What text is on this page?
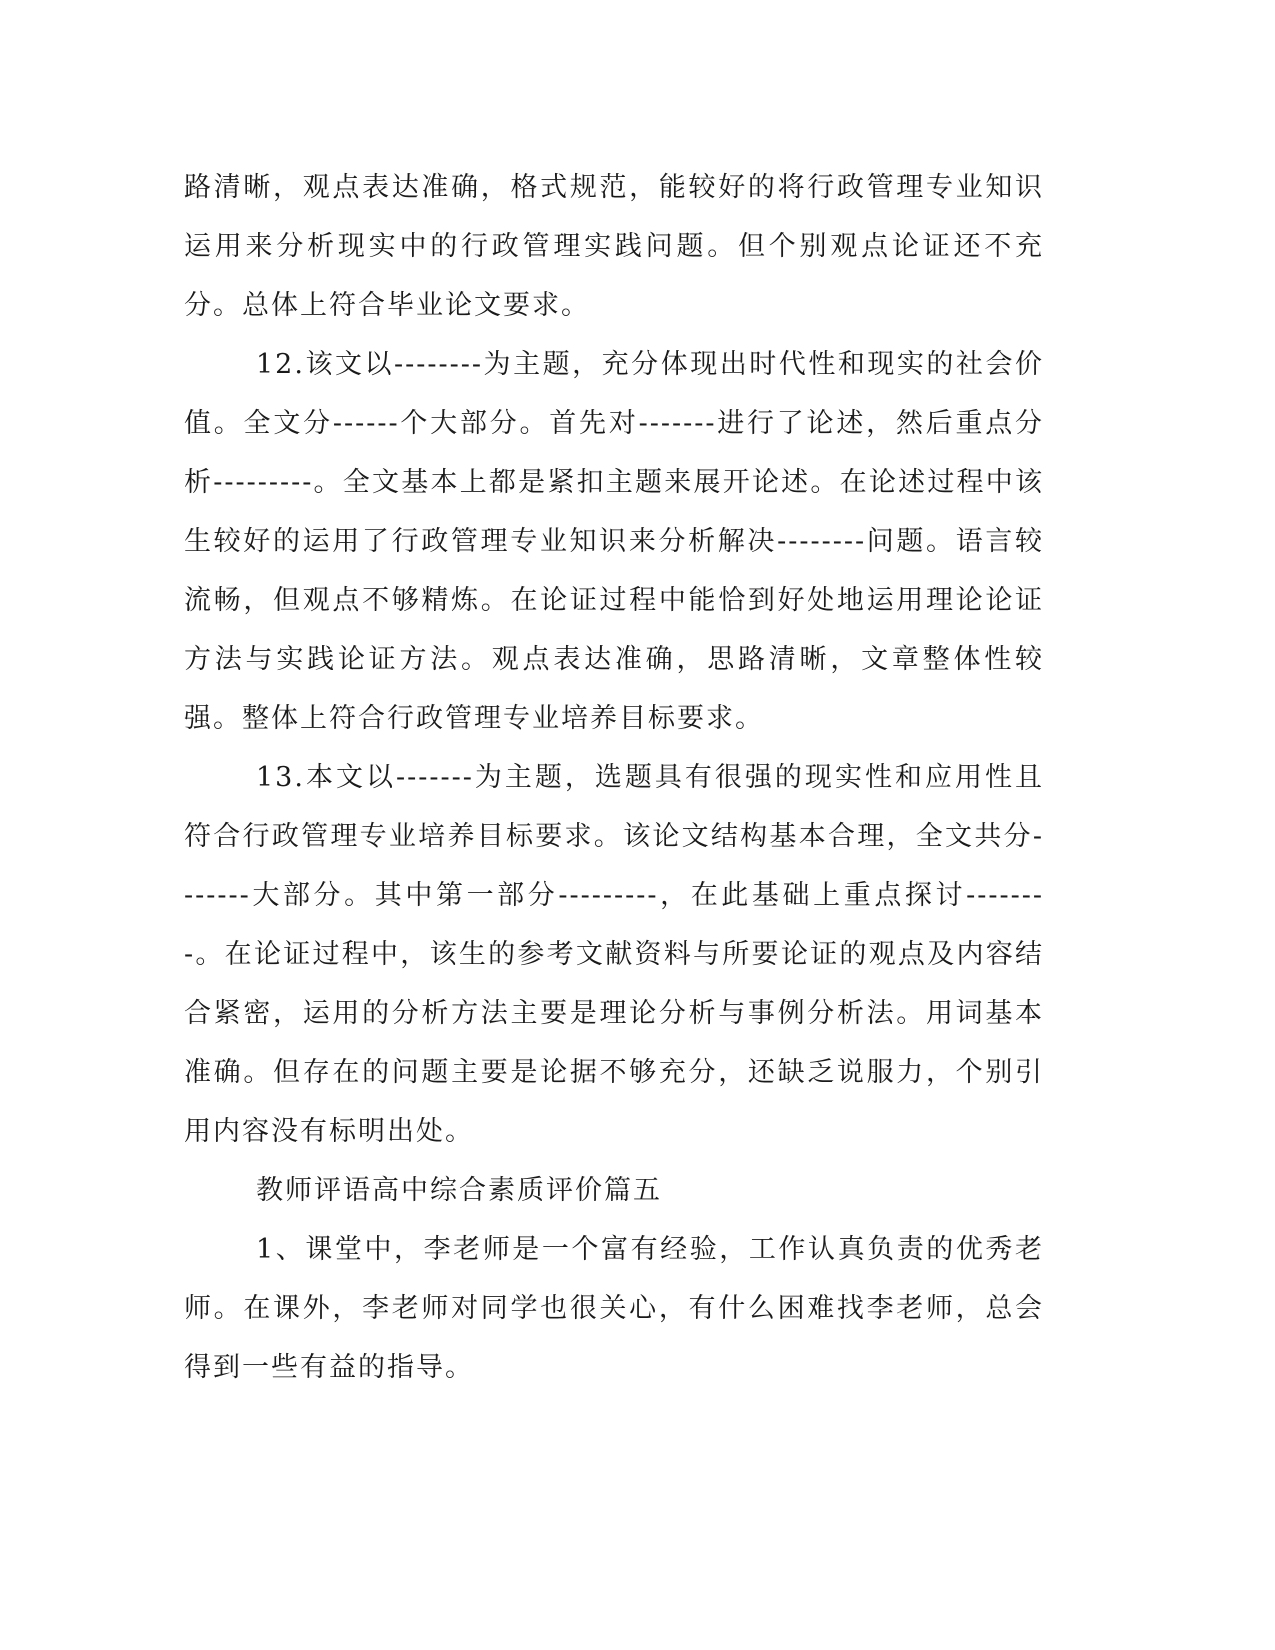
路清晰，观点表达准确，格式规范，能较好的将行政管理专业知识运用来分析现实中的行政管理实践问题。但个别观点论证还不充分。总体上符合毕业论文要求。

12.该文以--------为主题，充分体现出时代性和现实的社会价值。全文分------个大部分。首先对-------进行了论述，然后重点分析---------。全文基本上都是紧扣主题来展开论述。在论述过程中该生较好的运用了行政管理专业知识来分析解决--------问题。语言较流畅，但观点不够精炼。在论证过程中能恰到好处地运用理论论证方法与实践论证方法。观点表达准确，思路清晰，文章整体性较强。整体上符合行政管理专业培养目标要求。

13.本文以-------为主题，选题具有很强的现实性和应用性且符合行政管理专业培养目标要求。该论文结构基本合理，全文共分-------大部分。其中第一部分---------，在此基础上重点探讨--------。在论证过程中，该生的参考文献资料与所要论证的观点及内容结合紧密，运用的分析方法主要是理论分析与事例分析法。用词基本准确。但存在的问题主要是论据不够充分，还缺乏说服力，个别引用内容没有标明出处。

教师评语高中综合素质评价篇五

1、课堂中，李老师是一个富有经验，工作认真负责的优秀老师。在课外，李老师对同学也很关心，有什么困难找李老师，总会得到一些有益的指导。
